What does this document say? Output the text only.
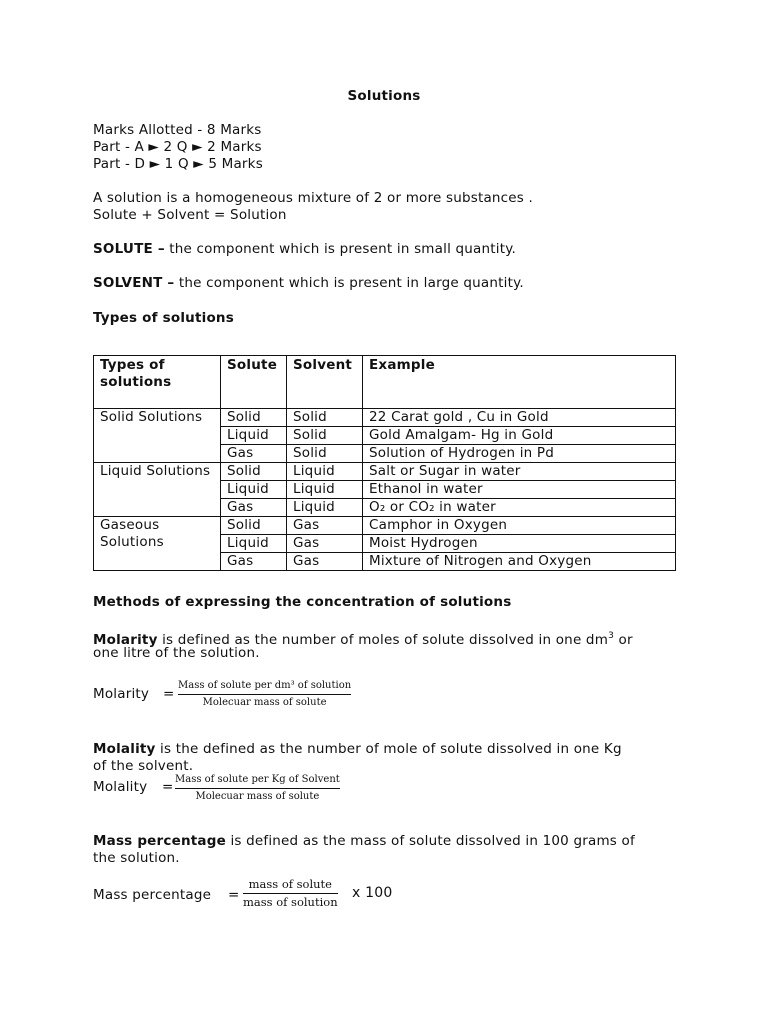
Solutions
Marks Allotted - 8 Marks
Part - A ► 2 Q ► 2 Marks
Part - D ► 1 Q ► 5 Marks
A solution is a homogeneous mixture of 2 or more substances .
Solute + Solvent = Solution
SOLUTE – the component which is present in small quantity.
SOLVENT – the component which is present in large quantity.
Types of solutions
Types of solutions	Solute	Solvent	Example
Solid Solutions	Solid	Solid	22 Carat gold , Cu in Gold
	Liquid	Solid	Gold Amalgam- Hg in Gold
	Gas	Solid	Solution of Hydrogen in Pd
Liquid Solutions	Solid	Liquid	Salt or Sugar in water
	Liquid	Liquid	Ethanol in water
	Gas	Liquid	O₂ or CO₂ in water
Gaseous Solutions	Solid	Gas	Camphor in Oxygen
	Liquid	Gas	Moist Hydrogen
	Gas	Gas	Mixture of Nitrogen and Oxygen
Methods of expressing the concentration of solutions
Molarity is defined as the number of moles of solute dissolved in one $dm^3$ or
one litre of the solution.
Molarity =
Mass of solute per dm³ of solution
Molecuar mass of solute
Molality is the defined as the number of mole of solute dissolved in one Kg
of the solvent.
Molality = Mass of solute per Kg of Solvent
Molecuar mass of solute
Mass percentage is defined as the mass of solute dissolved in 100 grams of
the solution.
Mass percentage =
mass of solute
mass of solution
x 100
